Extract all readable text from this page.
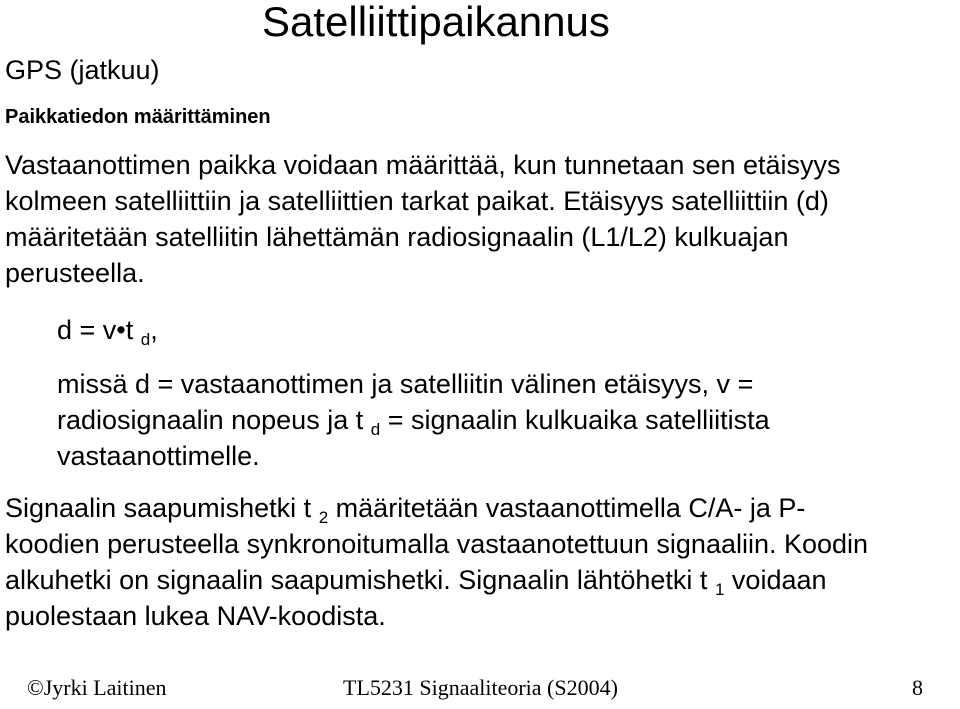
Satelliittipaikannus
GPS (jatkuu)
Paikkatiedon määrittäminen
Vastaanottimen paikka voidaan määrittää, kun tunnetaan sen etäisyys
kolmeen satelliittiin ja satelliittien tarkat paikat. Etäisyys satelliittiin (d)
määritetään satelliitin lähettämän radiosignaalin (L1/L2) kulkuajan
perusteella.
d = v•t $_d$,
missä d = vastaanottimen ja satelliitin välinen etäisyys, v =
radiosignaalin nopeus ja t $_d$ = signaalin kulkuaika satelliitista
vastaanottimelle.
Signaalin saapumishetki t $_2$ määritetään vastaanottimella C/A- ja P-
koodien perusteella synkronoitumalla vastaanotettuun signaaliin. Koodin
alkuhetki on signaalin saapumishetki. Signaalin lähtöhetki t $_1$ voidaan
puolestaan lukea NAV-koodista.
©Jyrki Laitinen	TL5231 Signaaliteoria (S2004)	8
